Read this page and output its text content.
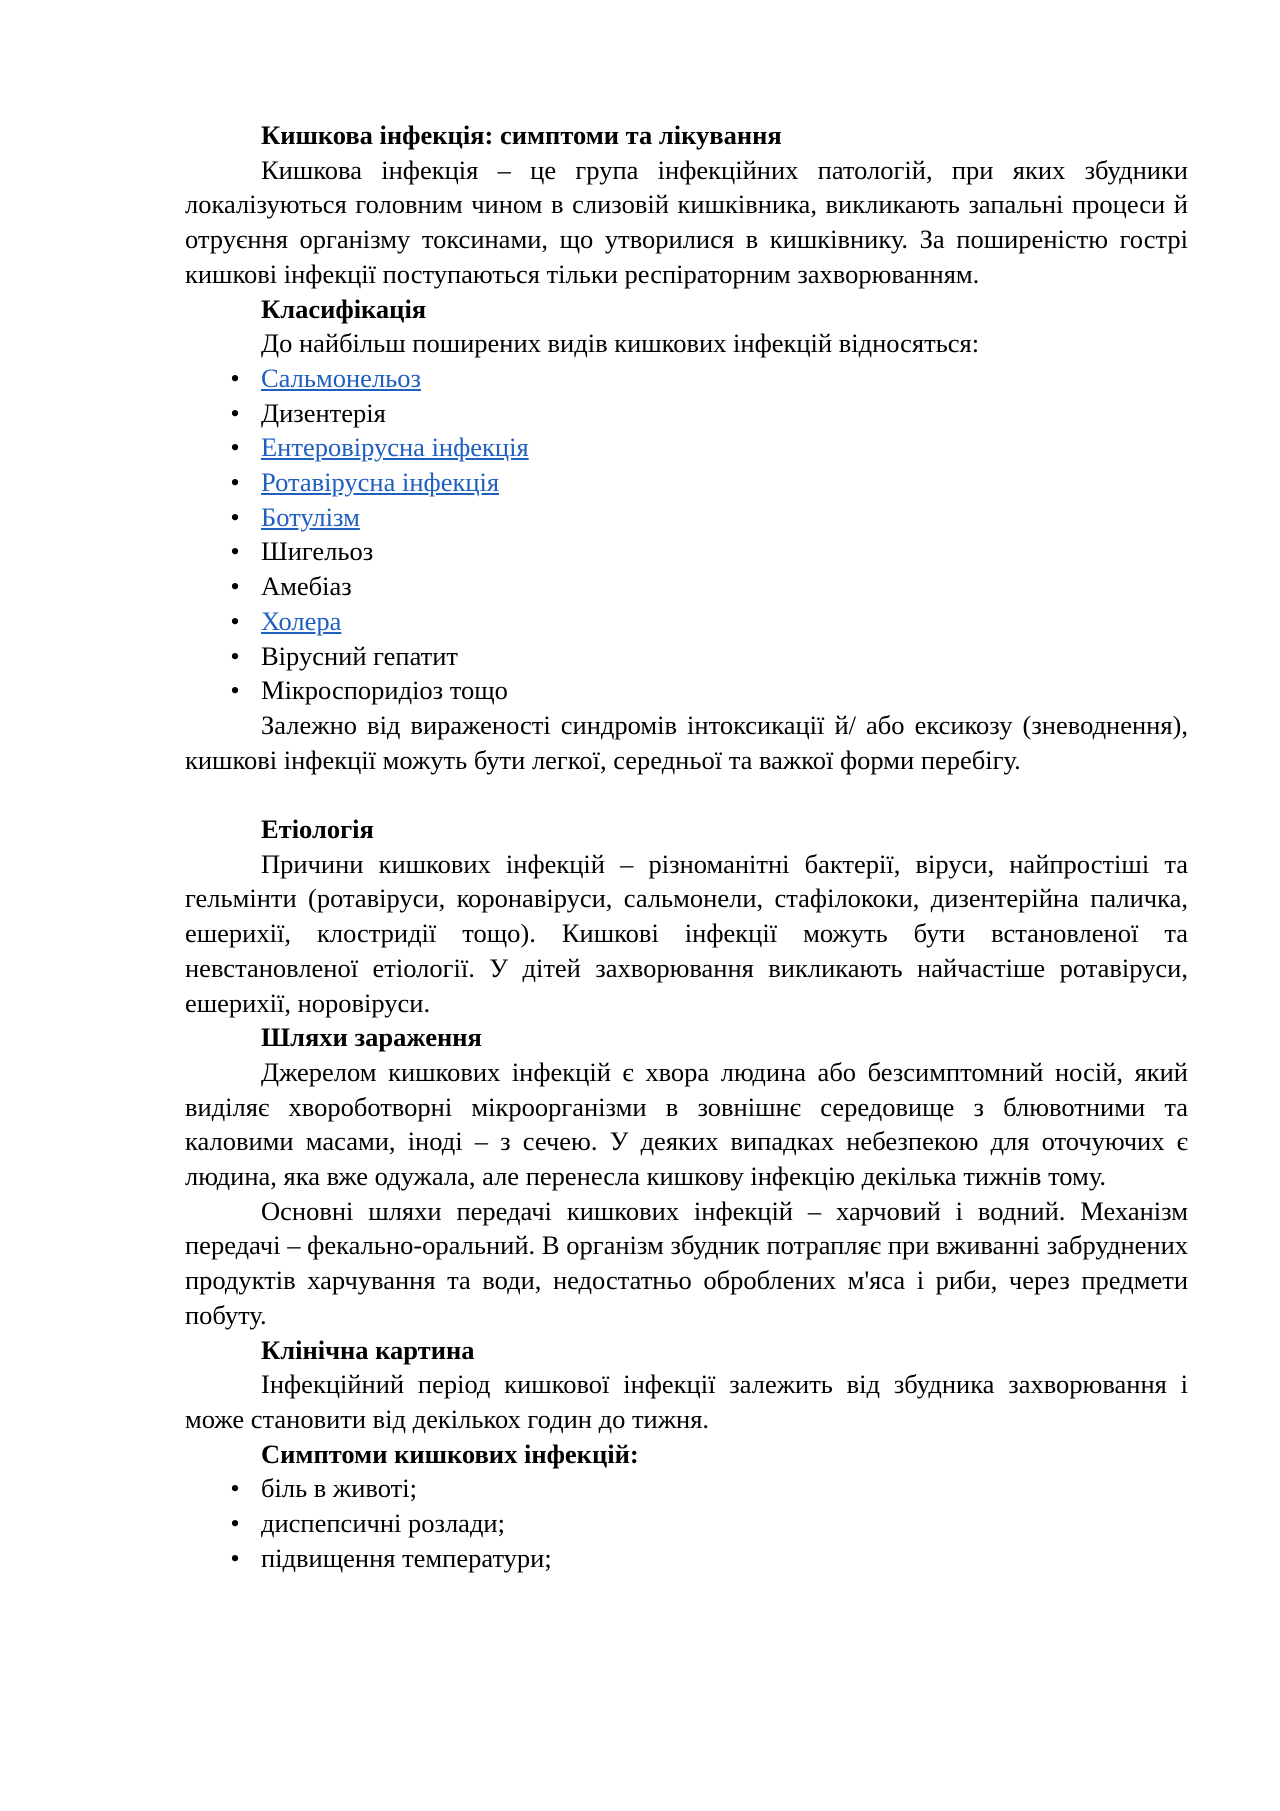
Кишкова інфекція: симптоми та лікування

Кишкова інфекція – це група інфекційних патологій, при яких збудники локалізуються головним чином в слизовій кишківника, викликають запальні процеси й отруєння організму токсинами, що утворилися в кишківнику. За поширеністю гострі кишкові інфекції поступаються тільки респіраторним захворюванням.

Класифікація

До найбільш поширених видів кишкових інфекцій відносяться:

• Сальмонельоз
• Дизентерія
• Ентеровірусна інфекція
• Ротавірусна інфекція
• Ботулізм
• Шигельоз
• Амебіаз
• Холера
• Вірусний гепатит
• Мікроспоридіоз тощо

Залежно від вираженості синдромів інтоксикації й/ або ексикозу (зневоднення), кишкові інфекції можуть бути легкої, середньої та важкої форми перебігу.

Етіологія

Причини кишкових інфекцій – різноманітні бактерії, віруси, найпростіші та гельмінти (ротавіруси, коронавіруси, сальмонели, стафілококи, дизентерійна паличка, ешерихії, клостридії тощо). Кишкові інфекції можуть бути встановленої та невстановленої етіології. У дітей захворювання викликають найчастіше ротавіруси, ешерихії, норовіруси.

Шляхи зараження

Джерелом кишкових інфекцій є хвора людина або безсимптомний носій, який виділяє хвороботворні мікроорганізми в зовнішнє середовище з блювотними та каловими масами, іноді – з сечею. У деяких випадках небезпекою для оточуючих є людина, яка вже одужала, але перенесла кишкову інфекцію декілька тижнів тому.

Основні шляхи передачі кишкових інфекцій – харчовий і водний. Механізм передачі – фекально-оральний. В організм збудник потрапляє при вживанні забруднених продуктів харчування та води, недостатньо оброблених м'яса і риби, через предмети побуту.

Клінічна картина

Інфекційний період кишкової інфекції залежить від збудника захворювання і може становити від декількох годин до тижня.

Симптоми кишкових інфекцій:

• біль в животі;
• диспепсичні розлади;
• підвищення температури;
